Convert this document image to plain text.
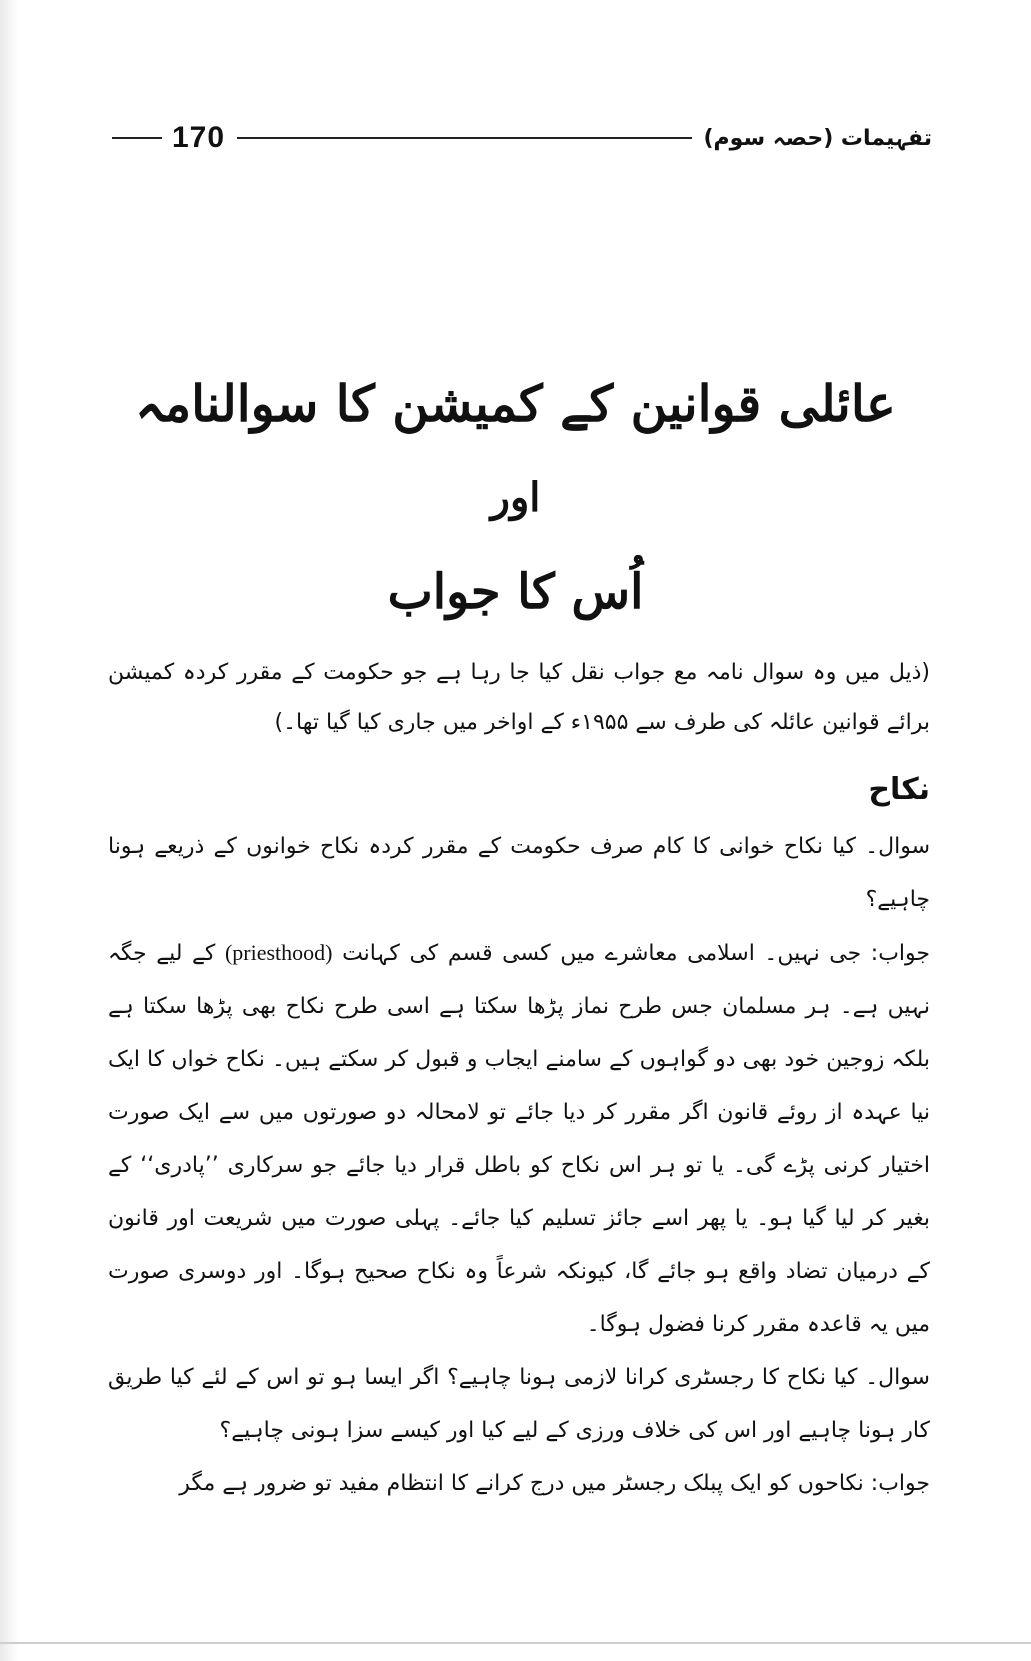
170	تفہیمات (حصہ سوم)
عائلی قوانین کے کمیشن کا سوالنامہ
اور
اُس کا جواب
(ذیل میں وہ سوال نامہ مع جواب نقل کیا جا رہا ہے جو حکومت کے مقرر کردہ کمیشن برائے قوانین عائلہ کی طرف سے ۱۹۵۵ء کے اواخر میں جاری کیا گیا تھا۔)
نکاح
سوال۔ کیا نکاح خوانی کا کام صرف حکومت کے مقرر کردہ نکاح خوانوں کے ذریعے ہونا چاہیے؟
جواب: جی نہیں۔ اسلامی معاشرے میں کسی قسم کی کہانت (priesthood) کے لیے جگہ نہیں ہے۔ ہر مسلمان جس طرح نماز پڑھا سکتا ہے اسی طرح نکاح بھی پڑھا سکتا ہے بلکہ زوجین خود بھی دو گواہوں کے سامنے ایجاب و قبول کر سکتے ہیں۔ نکاح خواں کا ایک نیا عہدہ از روئے قانون اگر مقرر کر دیا جائے تو لامحالہ دو صورتوں میں سے ایک صورت اختیار کرنی پڑے گی۔ یا تو ہر اس نکاح کو باطل قرار دیا جائے جو سرکاری ’’پادری‘‘ کے بغیر کر لیا گیا ہو۔ یا پھر اسے جائز تسلیم کیا جائے۔ پہلی صورت میں شریعت اور قانون کے درمیان تضاد واقع ہو جائے گا، کیونکہ شرعاً وہ نکاح صحیح ہوگا۔ اور دوسری صورت میں یہ قاعدہ مقرر کرنا فضول ہوگا۔
سوال۔ کیا نکاح کا رجسٹری کرانا لازمی ہونا چاہیے؟ اگر ایسا ہو تو اس کے لئے کیا طریق کار ہونا چاہیے اور اس کی خلاف ورزی کے لیے کیا اور کیسے سزا ہونی چاہیے؟
جواب: نکاحوں کو ایک پبلک رجسٹر میں درج کرانے کا انتظام مفید تو ضرور ہے مگر
